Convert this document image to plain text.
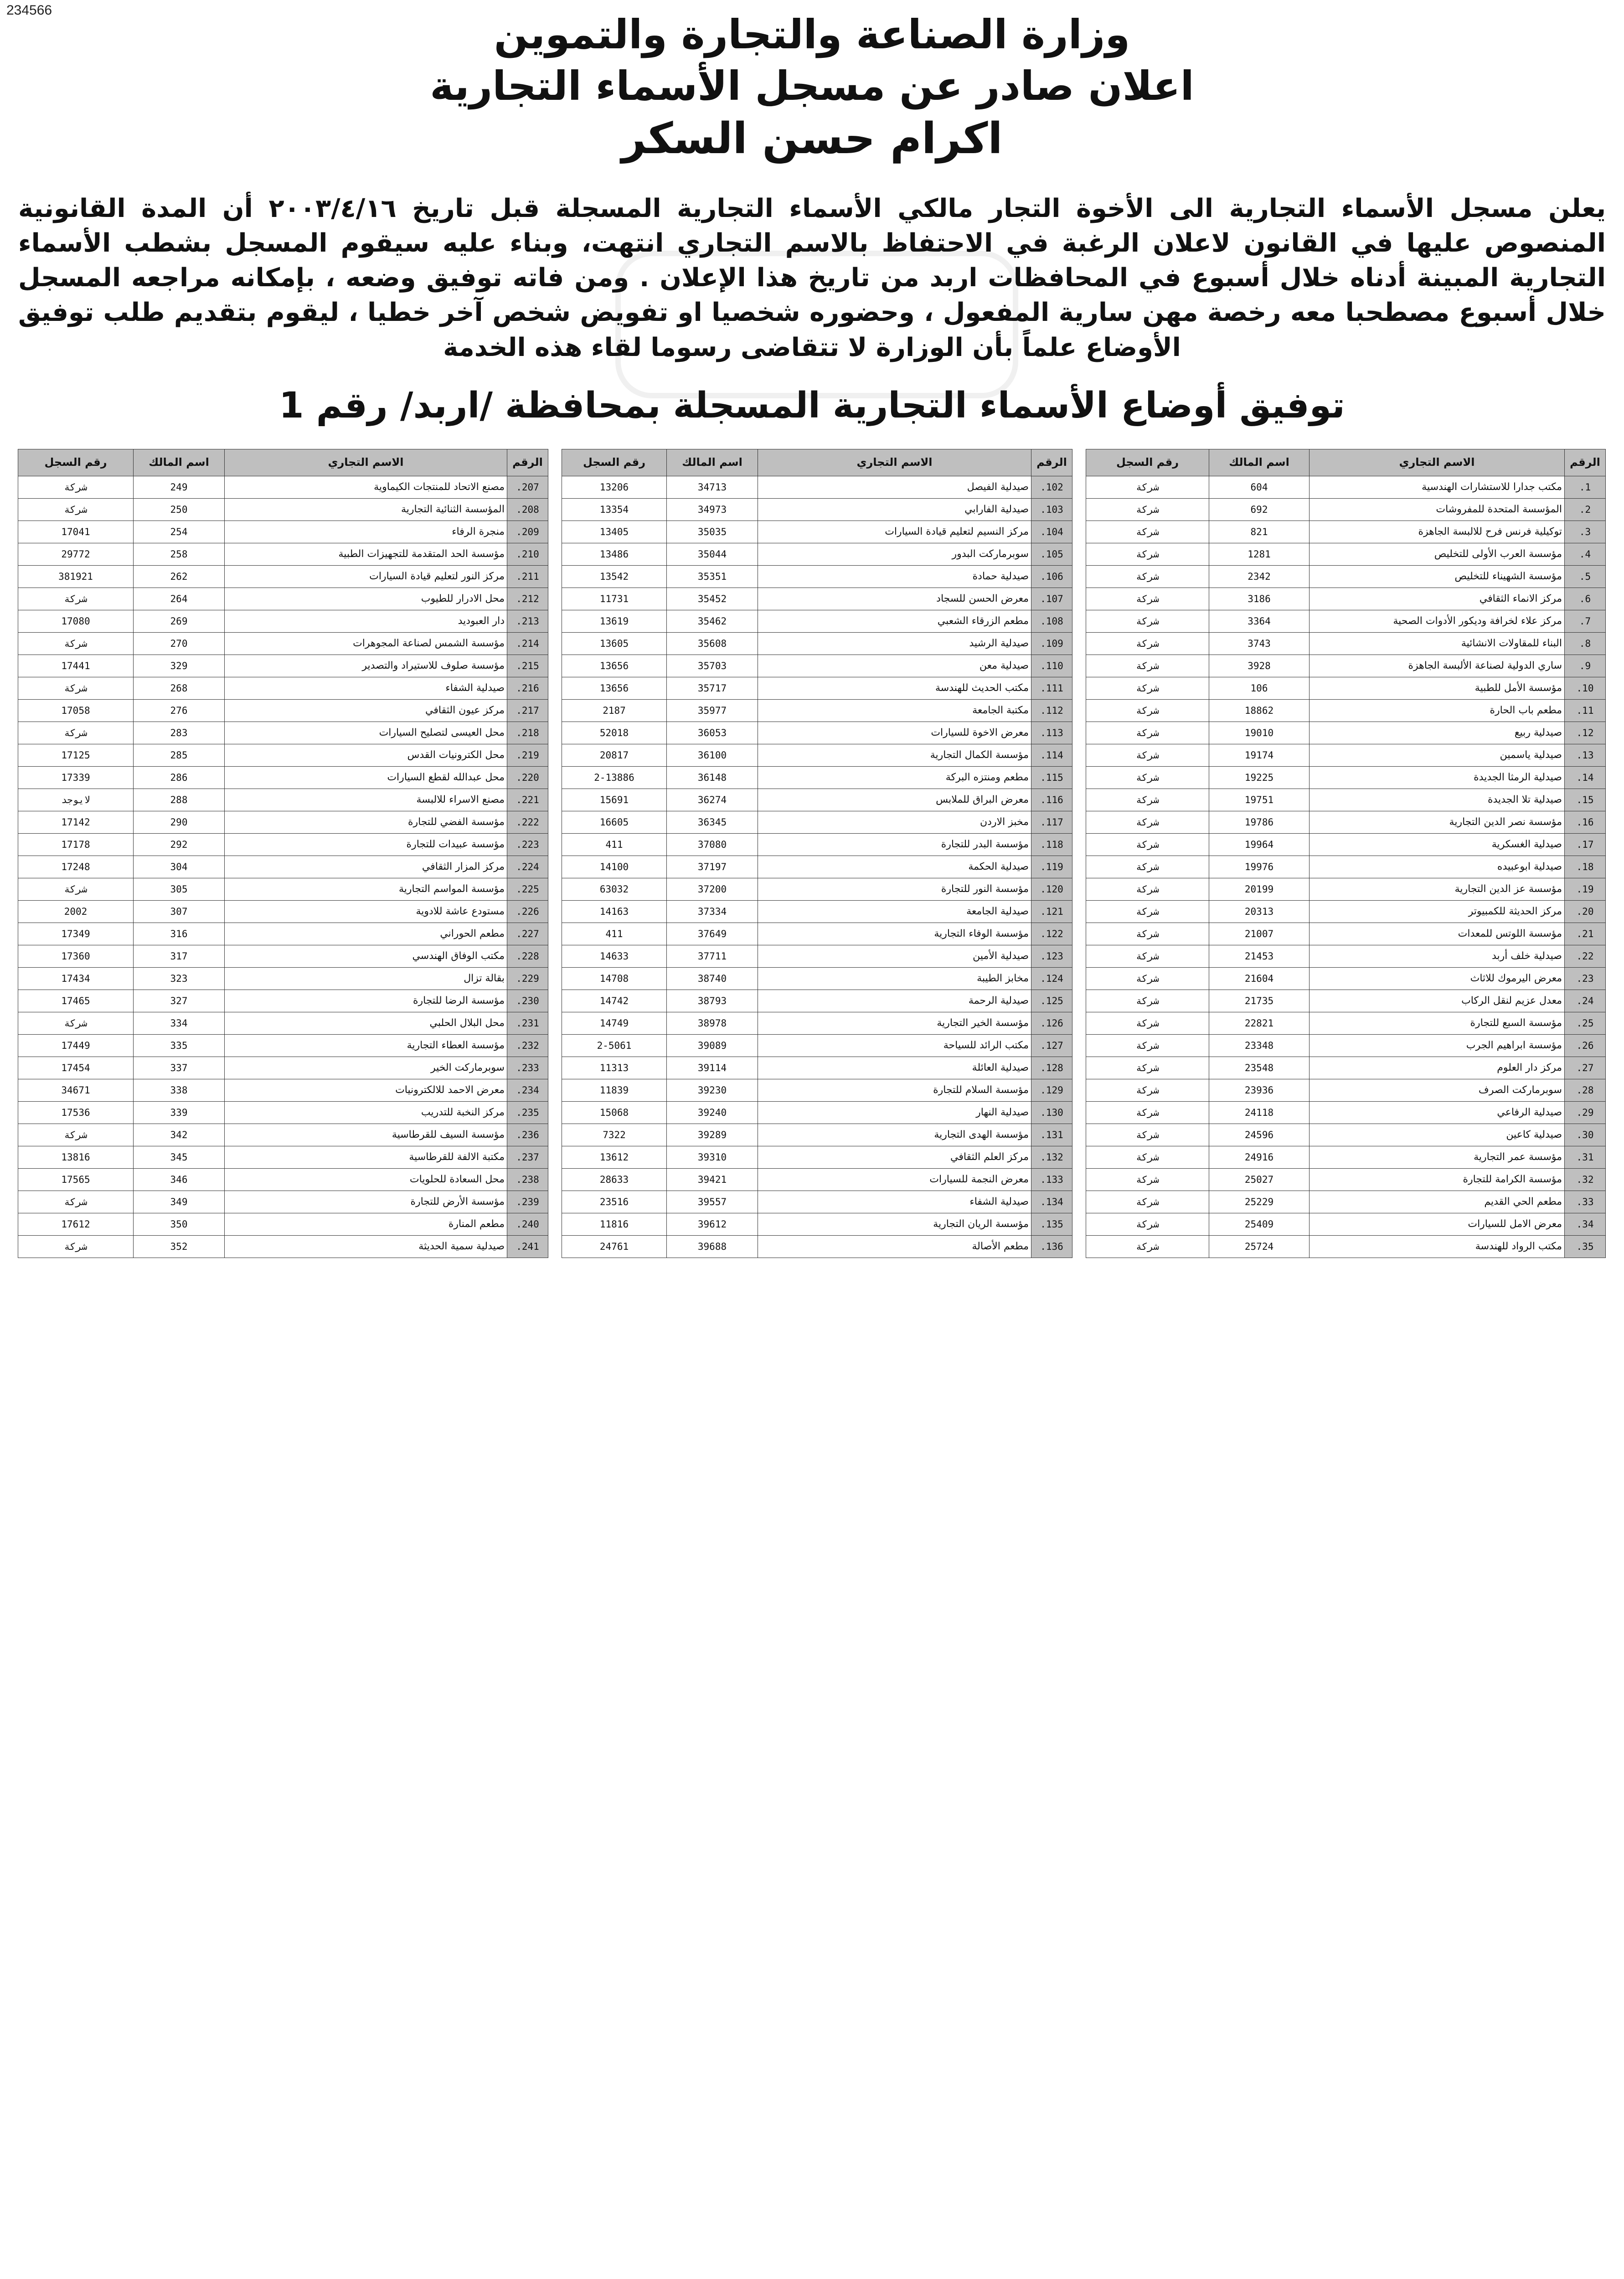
234566
وزارة الصناعة والتجارة والتموين
اعلان صادر عن مسجل الأسماء التجارية
اكرام حسن السكر
يعلن مسجل الأسماء التجارية الى الأخوة التجار مالكي الأسماء التجارية المسجلة قبل تاريخ ٢٠٠٣/٤/١٦ أن المدة القانونية المنصوص عليها في القانون لاعلان الرغبة في الاحتفاظ بالاسم التجاري انتهت، وبناء عليه سيقوم المسجل بشطب الأسماء التجارية المبينة أدناه خلال أسبوع في المحافظات اربد من تاريخ هذا الإعلان . ومن فاته توفيق وضعه ، بإمكانه مراجعه المسجل خلال أسبوع مصطحبا معه رخصة مهن سارية المفعول ، وحضوره شخصيا او تفويض شخص آخر خطيا ، ليقوم بتقديم طلب توفيق الأوضاع علماً بأن الوزارة لا تتقاضى رسوما لقاء هذه الخدمة
توفيق أوضاع الأسماء التجارية المسجلة بمحافظة /اربد/ رقم 1
الرقم	الاسم التجاري	اسم المالك	رقم السجل
1.	مكتب جدارا للاستشارات الهندسية	604	شركة
2.	المؤسسة المتحدة للمفروشات	692	شركة
3.	توكيلية فرنس فرح للالبسة الجاهزة	821	شركة
4.	مؤسسة العرب الأولى للتخليص	1281	شركة
5.	مؤسسة الشهيناء للتخليص	2342	شركة
6.	مركز الانماء الثقافي	3186	شركة
7.	مركز علاء لخرافة وديكور الأدوات الصحية	3364	شركة
8.	البناء للمقاولات الانشائية	3743	شركة
9.	ساري الدولية لصناعة الألبسة الجاهزة	3928	شركة
10.	مؤسسة الأمل للطبية	106	شركة
11.	مطعم باب الحارة	18862	شركة
12.	صيدلية ربيع	19010	شركة
13.	صيدلية ياسمين	19174	شركة
14.	صيدلية الرمثا الجديدة	19225	شركة
15.	صيدلية تلا الجديدة	19751	شركة
16.	مؤسسة نصر الدين التجارية	19786	شركة
17.	صيدلية الغسكرية	19964	شركة
18.	صيدلية ابوعبيده	19976	شركة
19.	مؤسسة عز الدين التجارية	20199	شركة
20.	مركز الحديثة للكمبيوتر	20313	شركة
21.	مؤسسة اللوتس للمعدات	21007	شركة
22.	صيدلية خلف أربد	21453	شركة
23.	معرض اليرموك للاثاث	21604	شركة
24.	معدل عزيم لنقل الركاب	21735	شركة
25.	مؤسسة السبع للتجارة	22821	شركة
26.	مؤسسة ابراهيم الجرب	23348	شركة
27.	مركز دار العلوم	23548	شركة
28.	سوبرماركت الصرف	23936	شركة
29.	صيدلية الرفاعي	24118	شركة
30.	صيدلية كاعين	24596	شركة
31.	مؤسسة عمر التجارية	24916	شركة
32.	مؤسسة الكرامة للتجارة	25027	شركة
33.	مطعم الحي القديم	25229	شركة
34.	معرض الامل للسيارات	25409	شركة
35.	مكتب الرواد للهندسة	25724	شركة
الرقم	الاسم التجاري	اسم المالك	رقم السجل
102.	صيدلية الفيصل	34713	13206
103.	صيدلية الفارابي	34973	13354
104.	مركز النسيم لتعليم قيادة السيارات	35035	13405
105.	سوبرماركت البدور	35044	13486
106.	صيدلية حمادة	35351	13542
107.	معرض الحسن للسجاد	35452	11731
108.	مطعم الزرقاء الشعبي	35462	13619
109.	صيدلية الرشيد	35608	13605
110.	صيدلية معن	35703	13656
111.	مكتب الحديث للهندسة	35717	13656
112.	مكتبة الجامعة	35977	2187
113.	معرض الاخوة للسيارات	36053	52018
114.	مؤسسة الكمال التجارية	36100	20817
115.	مطعم ومنتزه البركة	36148	2-13886
116.	معرض البراق للملابس	36274	15691
117.	مخبز الاردن	36345	16605
118.	مؤسسة البدر للتجارة	37080	411
119.	صيدلية الحكمة	37197	14100
120.	مؤسسة النور للتجارة	37200	63032
121.	صيدلية الجامعة	37334	14163
122.	مؤسسة الوفاء التجارية	37649	411
123.	صيدلية الأمين	37711	14633
124.	مخابز الطيبة	38740	14708
125.	صيدلية الرحمة	38793	14742
126.	مؤسسة الخير التجارية	38978	14749
127.	مكتب الرائد للسياحة	39089	2-5061
128.	صيدلية العائلة	39114	11313
129.	مؤسسة السلام للتجارة	39230	11839
130.	صيدلية النهار	39240	15068
131.	مؤسسة الهدى التجارية	39289	7322
132.	مركز العلم الثقافي	39310	13612
133.	معرض النجمة للسيارات	39421	28633
134.	صيدلية الشفاء	39557	23516
135.	مؤسسة الريان التجارية	39612	11816
136.	مطعم الأصالة	39688	24761
الرقم	الاسم التجاري	اسم المالك	رقم السجل
207.	مصنع الاتحاد للمنتجات الكيماوية	249	شركة
208.	المؤسسة الثنائية التجارية	250	شركة
209.	منجرة الرفاء	254	17041
210.	مؤسسة الحد المتقدمة للتجهيزات الطبية	258	29772
211.	مركز النور لتعليم قيادة السيارات	262	381921
212.	محل الادرار للطيوب	264	شركة
213.	دار العبوديد	269	17080
214.	مؤسسة الشمس لصناعة المجوهرات	270	شركة
215.	مؤسسة صلوف للاستيراد والتصدير	329	17441
216.	صيدلية الشفاء	268	شركة
217.	مركز عيون الثقافي	276	17058
218.	محل العيسى لتصليح السيارات	283	شركة
219.	محل الكترونيات القدس	285	17125
220.	محل عبدالله لقطع السيارات	286	17339
221.	مصنع الاسراء للالبسة	288	لايوجد
222.	مؤسسة الفضي للتجارة	290	17142
223.	مؤسسة عبيدات للتجارة	292	17178
224.	مركز المزار الثقافي	304	17248
225.	مؤسسة المواسم التجارية	305	شركة
226.	مستودع عاشة للادوية	307	2002
227.	مطعم الحوراني	316	17349
228.	مكتب الوفاق الهندسي	317	17360
229.	بقالة تزال	323	17434
230.	مؤسسة الرضا للتجارة	327	17465
231.	محل البلال الحلبي	334	شركة
232.	مؤسسة العطاء التجارية	335	17449
233.	سوبرماركت الخير	337	17454
234.	معرض الاحمد للالكترونيات	338	34671
235.	مركز النخبة للتدريب	339	17536
236.	مؤسسة السيف للقرطاسية	342	شركة
237.	مكتبة الالفة للقرطاسية	345	13816
238.	محل السعادة للحلويات	346	17565
239.	مؤسسة الأرض للتجارة	349	شركة
240.	مطعم المنارة	350	17612
241.	صيدلية سمية الحديثة	352	شركة
